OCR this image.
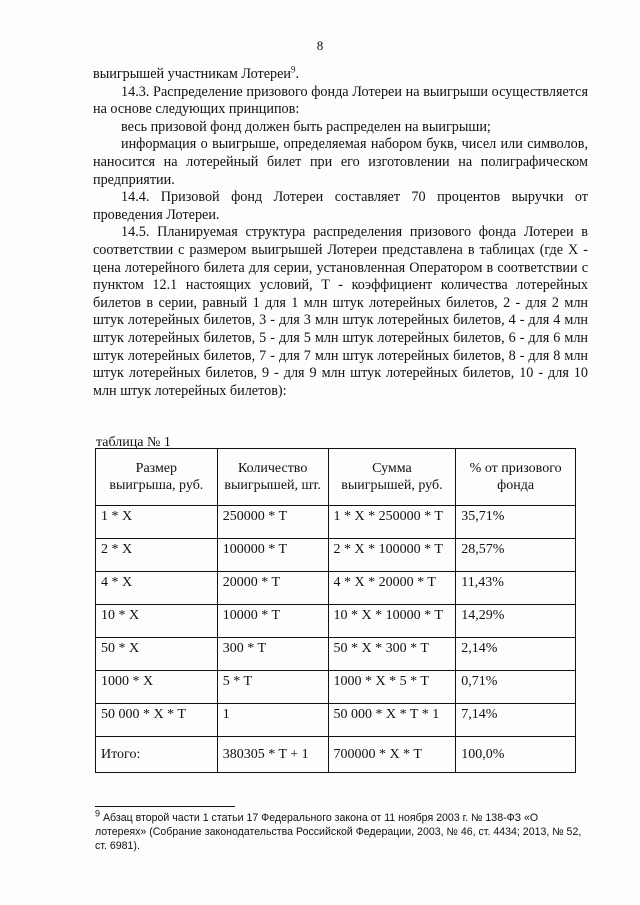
8

выигрышей участникам Лотереи$^9$.

14.3. Распределение призового фонда Лотереи на выигрыши осуществляется на основе следующих принципов:

весь призовой фонд должен быть распределен на выигрыши;

информация о выигрыше, определяемая набором букв, чисел или символов, наносится на лотерейный билет при его изготовлении на полиграфическом предприятии.

14.4. Призовой фонд Лотереи составляет 70 процентов выручки от проведения Лотереи.

14.5. Планируемая структура распределения призового фонда Лотереи в соответствии с размером выигрышей Лотереи представлена в таблицах (где X - цена лотерейного билета для серии, установленная Оператором в соответствии с пунктом 12.1 настоящих условий, T - коэффициент количества лотерейных билетов в серии, равный 1 для 1 млн штук лотерейных билетов, 2 - для 2 млн штук лотерейных билетов, 3 - для 3 млн штук лотерейных билетов, 4 - для 4 млн штук лотерейных билетов, 5 - для 5 млн штук лотерейных билетов, 6 - для 6 млн штук лотерейных билетов, 7 - для 7 млн штук лотерейных билетов, 8 - для 8 млн штук лотерейных билетов, 9 - для 9 млн штук лотерейных билетов, 10 - для 10 млн штук лотерейных билетов):

таблица № 1
Размер выигрыша, руб.	Количество выигрышей, шт.	Сумма выигрышей, руб.	% от призового фонда
1 * X	250000 * T	1 * X * 250000 * T	35,71%
2 * X	100000 * T	2 * X * 100000 * T	28,57%
4 * X	20000 * T	4 * X * 20000 * T	11,43%
10 * X	10000 * T	10 * X * 10000 * T	14,29%
50 * X	300 * T	50 * X * 300 * T	2,14%
1000 * X	5 * T	1000 * X * 5 * T	0,71%
50 000 * X * T	1	50 000 * X * T * 1	7,14%
Итого:	380305 * T + 1	700000 * X * T	100,0%
$^9$ Абзац второй части 1 статьи 17 Федерального закона от 11 ноября 2003 г. № 138-ФЗ «О лотереях» (Собрание законодательства Российской Федерации, 2003, № 46, ст. 4434; 2013, № 52, ст. 6981).
